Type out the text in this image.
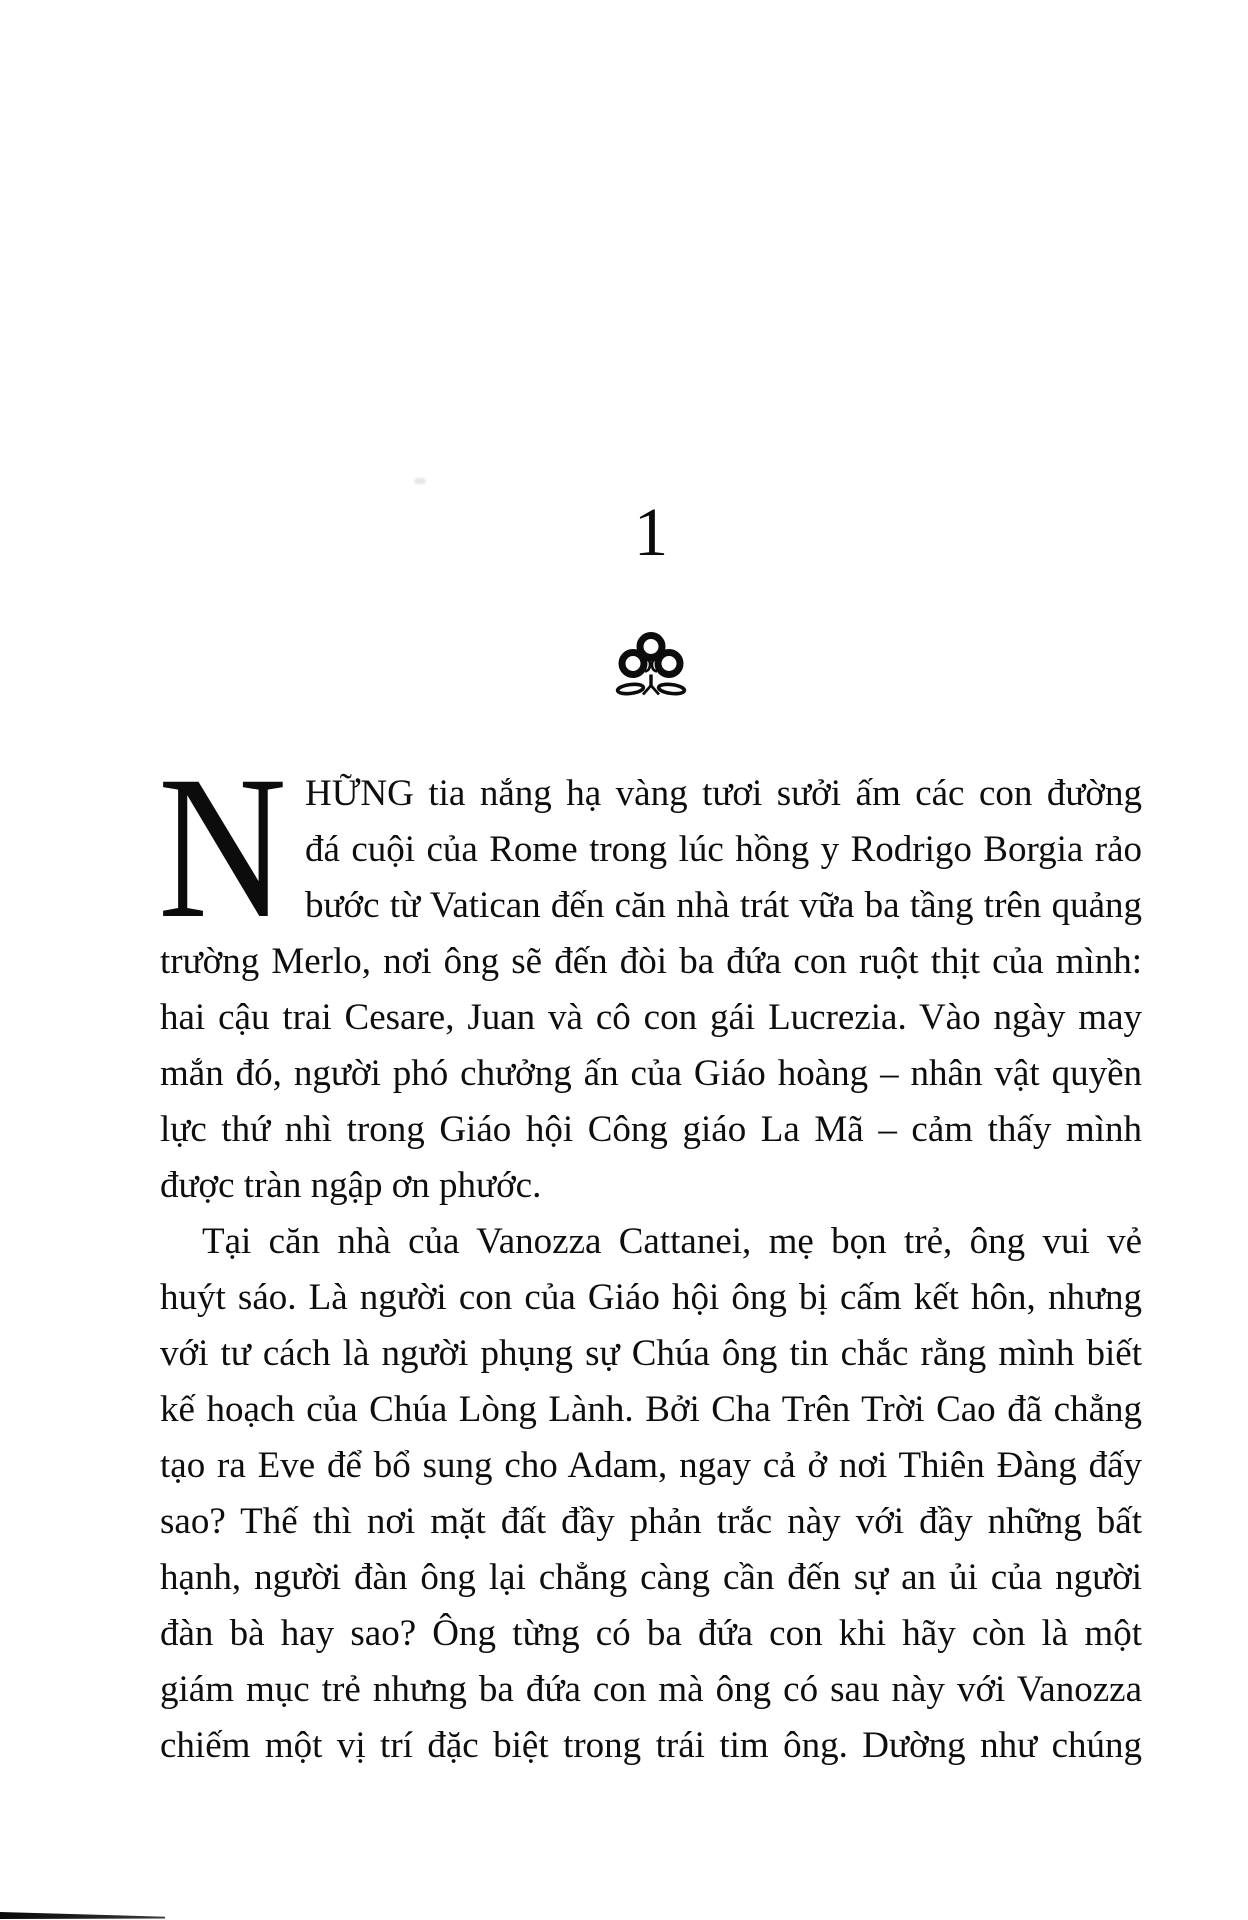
1
N HỮNG tia nắng hạ vàng tươi sưởi ấm các con đường
đá cuội của Rome trong lúc hồng y Rodrigo Borgia rảo
bước từ Vatican đến căn nhà trát vữa ba tầng trên quảng
trường Merlo, nơi ông sẽ đến đòi ba đứa con ruột thịt của mình:
hai cậu trai Cesare, Juan và cô con gái Lucrezia. Vào ngày may
mắn đó, người phó chưởng ấn của Giáo hoàng – nhân vật quyền
lực thứ nhì trong Giáo hội Công giáo La Mã – cảm thấy mình
được tràn ngập ơn phước.
Tại căn nhà của Vanozza Cattanei, mẹ bọn trẻ, ông vui vẻ
huýt sáo. Là người con của Giáo hội ông bị cấm kết hôn, nhưng
với tư cách là người phụng sự Chúa ông tin chắc rằng mình biết
kế hoạch của Chúa Lòng Lành. Bởi Cha Trên Trời Cao đã chẳng
tạo ra Eve để bổ sung cho Adam, ngay cả ở nơi Thiên Đàng đấy
sao? Thế thì nơi mặt đất đầy phản trắc này với đầy những bất
hạnh, người đàn ông lại chẳng càng cần đến sự an ủi của người
đàn bà hay sao? Ông từng có ba đứa con khi hãy còn là một
giám mục trẻ nhưng ba đứa con mà ông có sau này với Vanozza
chiếm một vị trí đặc biệt trong trái tim ông. Dường như chúng
